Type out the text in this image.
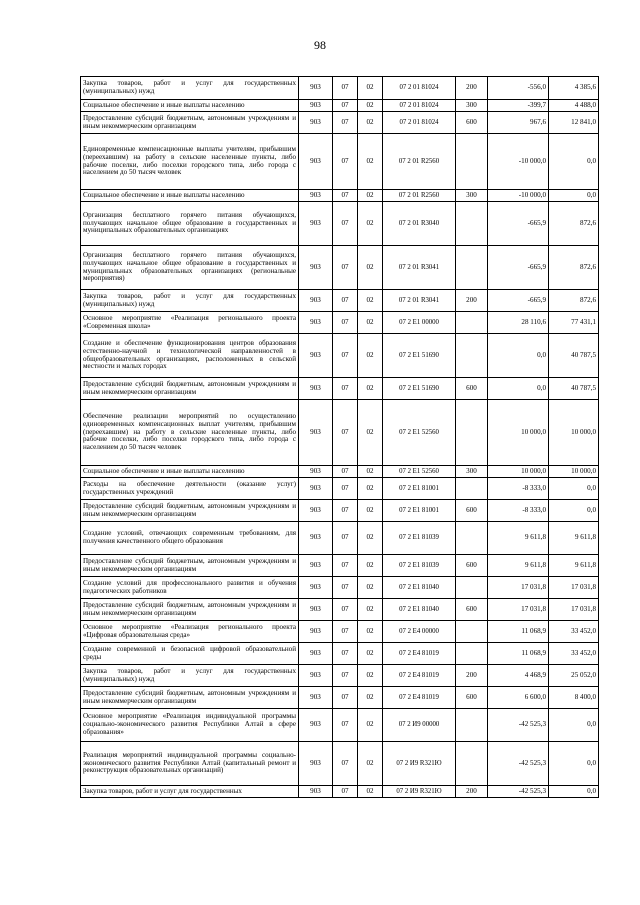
98
Закупка товаров, работ и услуг для государственных (муниципальных) нужд	903	07	02	07 2 01 81024	200	-556,0	4 385,6
Социальное обеспечение и иные выплаты населению	903	07	02	07 2 01 81024	300	-399,7	4 488,0
Предоставление субсидий бюджетным, автономным учреждениям и иным некоммерческим организациям	903	07	02	07 2 01 81024	600	967,6	12 841,0
Единовременные компенсационные выплаты учителям, прибывшим (переехавшим) на работу в сельские населенные пункты, либо рабочие поселки, либо поселки городского типа, либо города с населением до 50 тысяч человек	903	07	02	07 2 01 R2560		-10 000,0	0,0
Социальное обеспечение и иные выплаты населению	903	07	02	07 2 01 R2560	300	-10 000,0	0,0
Организация бесплатного горячего питания обучающихся, получающих начальное общее образование в государственных и муниципальных образовательных организациях	903	07	02	07 2 01 R3040		-665,9	872,6
Организация бесплатного горячего питания обучающихся, получающих начальное общее образование в государственных и муниципальных образовательных организациях (региональные мероприятия)	903	07	02	07 2 01 R3041		-665,9	872,6
Закупка товаров, работ и услуг для государственных (муниципальных) нужд	903	07	02	07 2 01 R3041	200	-665,9	872,6
Основное мероприятие «Реализация регионального проекта «Современная школа»	903	07	02	07 2 E1 00000		28 110,6	77 431,1
Создание и обеспечение функционирования центров образования естественно-научной и технологической направленностей в общеобразовательных организациях, расположенных в сельской местности и малых городах	903	07	02	07 2 E1 51690		0,0	40 787,5
Предоставление субсидий бюджетным, автономным учреждениям и иным некоммерческим организациям	903	07	02	07 2 E1 51690	600	0,0	40 787,5
Обеспечение реализации мероприятий по осуществлению единовременных компенсационных выплат учителям, прибывшим (переехавшим) на работу в сельские населенные пункты, либо рабочие поселки, либо поселки городского типа, либо города с населением до 50 тысяч человек	903	07	02	07 2 E1 52560		10 000,0	10 000,0
Социальное обеспечение и иные выплаты населению	903	07	02	07 2 E1 52560	300	10 000,0	10 000,0
Расходы на обеспечение деятельности (оказание услуг) государственных учреждений	903	07	02	07 2 E1 81001		-8 333,0	0,0
Предоставление субсидий бюджетным, автономным учреждениям и иным некоммерческим организациям	903	07	02	07 2 E1 81001	600	-8 333,0	0,0
Создание условий, отвечающих современным требованиям, для получения качественного общего образования	903	07	02	07 2 E1 81039		9 611,8	9 611,8
Предоставление субсидий бюджетным, автономным учреждениям и иным некоммерческим организациям	903	07	02	07 2 E1 81039	600	9 611,8	9 611,8
Создание условий для профессионального развития и обучения педагогических работников	903	07	02	07 2 E1 81040		17 031,8	17 031,8
Предоставление субсидий бюджетным, автономным учреждениям и иным некоммерческим организациям	903	07	02	07 2 E1 81040	600	17 031,8	17 031,8
Основное мероприятие «Реализация регионального проекта «Цифровая образовательная среда»	903	07	02	07 2 E4 00000		11 068,9	33 452,0
Создание современной и безопасной цифровой образовательной среды	903	07	02	07 2 E4 81019		11 068,9	33 452,0
Закупка товаров, работ и услуг для государственных (муниципальных) нужд	903	07	02	07 2 E4 81019	200	4 468,9	25 052,0
Предоставление субсидий бюджетным, автономным учреждениям и иным некоммерческим организациям	903	07	02	07 2 E4 81019	600	6 600,0	8 400,0
Основное мероприятие «Реализация индивидуальной программы социально-экономического развития Республики Алтай в сфере образования»	903	07	02	07 2 И9 00000		-42 525,3	0,0
Реализация мероприятий индивидуальной программы социально-экономического развития Республики Алтай (капитальный ремонт и реконструкция образовательных организаций)	903	07	02	07 2 И9 R321Ю		-42 525,3	0,0
Закупка товаров, работ и услуг для государственных	903	07	02	07 2 И9 R321Ю	200	-42 525,3	0,0
